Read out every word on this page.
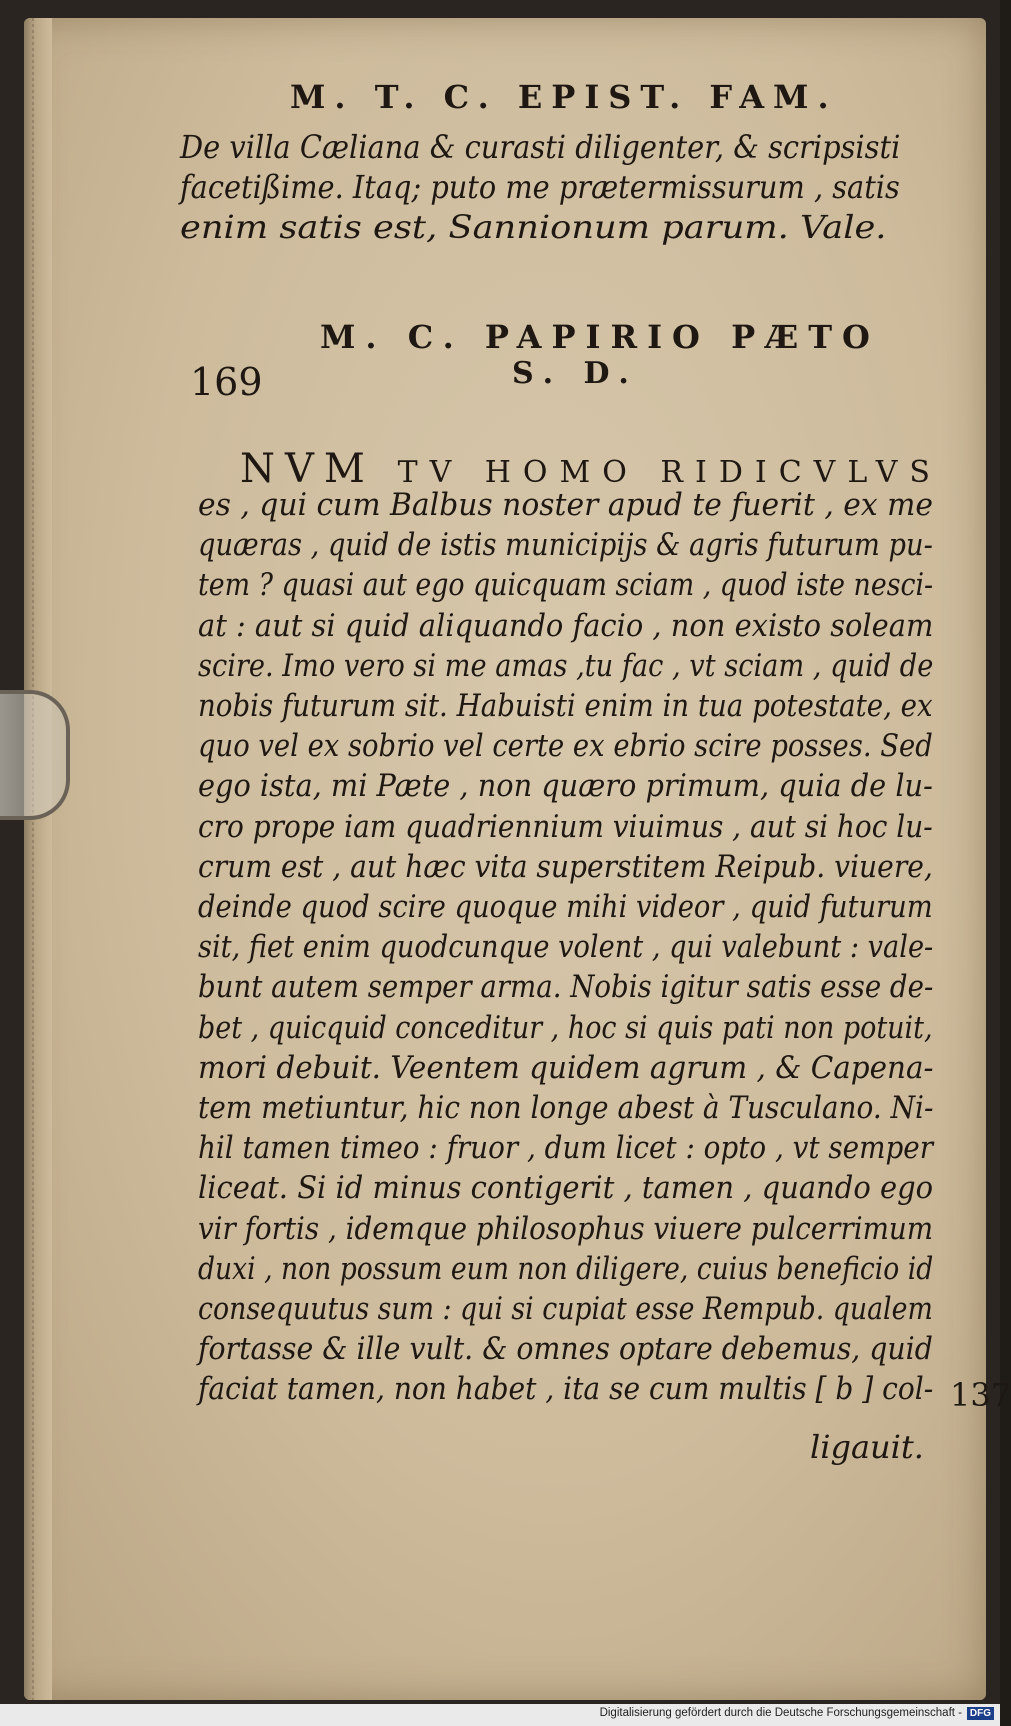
M. T. C. EPIST. FAM.
De villa Cæliana & curasti diligenter, & scripsisti
facetißime. Itaq; puto me prætermissurum , satis
enim satis est, Sannionum parum. Vale.
M. C. PAPIRIO PÆTO
169	S. D.
NVM TV HOMO RIDICVLVS
es , qui cum Balbus noster apud te fuerit , ex me
quæras , quid de istis municipijs & agris futurum pu-
tem ? quasi aut ego quicquam sciam , quod iste nesci-
at : aut si quid aliquando facio , non existo soleam
scire. Imo vero si me amas ,tu fac , vt sciam , quid de
nobis futurum sit. Habuisti enim in tua potestate, ex
quo vel ex sobrio vel certe ex ebrio scire posses. Sed
ego ista, mi Pæte , non quæro primum, quia de lu-
cro prope iam quadriennium viuimus , aut si hoc lu-
crum est , aut hæc vita superstitem Reipub. viuere,
deinde quod scire quoque mihi videor , quid futurum
sit, fiet enim quodcunque volent , qui valebunt : vale-
bunt autem semper arma. Nobis igitur satis esse de-
bet , quicquid conceditur , hoc si quis pati non potuit,
mori debuit. Veentem quidem agrum , & Capena-
tem metiuntur, hic non longe abest à Tusculano. Ni-
hil tamen timeo : fruor , dum licet : opto , vt semper
liceat. Si id minus contigerit , tamen , quando ego
vir fortis , idemque philosophus viuere pulcerrimum
duxi , non possum eum non diligere, cuius beneficio id
consequutus sum : qui si cupiat esse Rempub. qualem
fortasse & ille vult. & omnes optare debemus, quid
faciat tamen, non habet , ita se cum multis [ b ] col-
ligauit.
137
Digitalisierung gefördert durch die Deutsche Forschungsgemeinschaft - DFG
